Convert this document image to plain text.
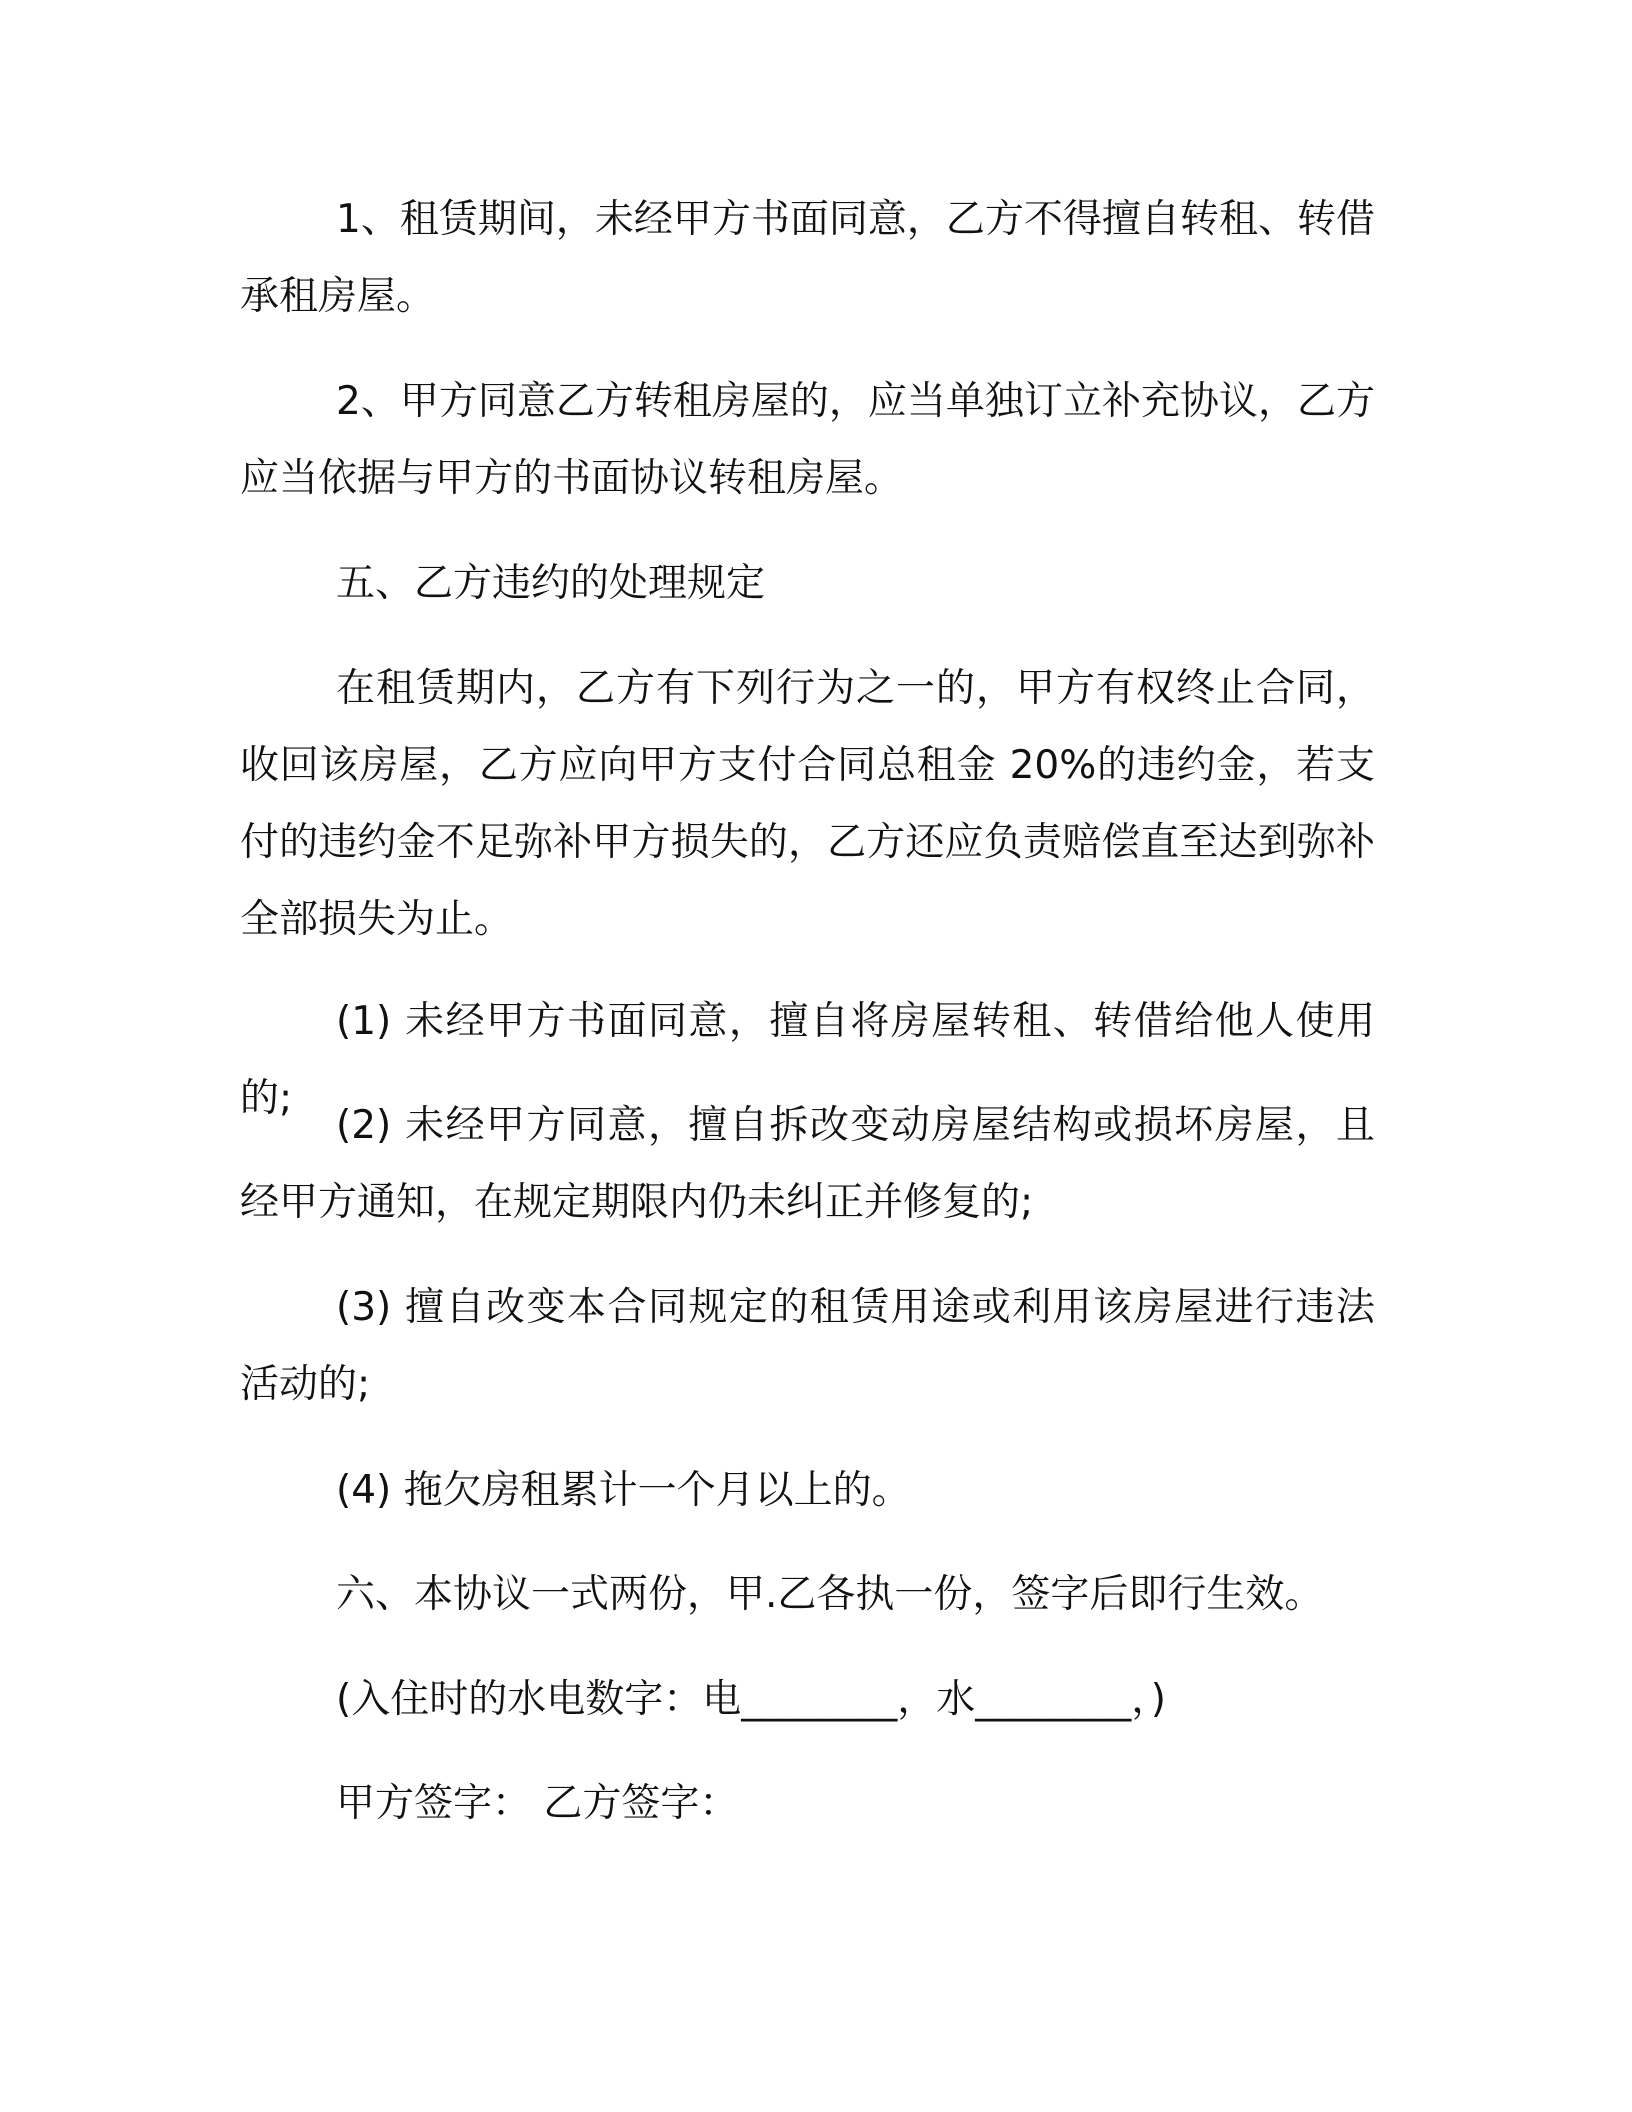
1、租赁期间，未经甲方书面同意，乙方不得擅自转租、转借承租房屋。

2、甲方同意乙方转租房屋的，应当单独订立补充协议，乙方应当依据与甲方的书面协议转租房屋。

五、乙方违约的处理规定

在租赁期内，乙方有下列行为之一的，甲方有权终止合同，收回该房屋，乙方应向甲方支付合同总租金 20%的违约金，若支付的违约金不足弥补甲方损失的，乙方还应负责赔偿直至达到弥补全部损失为止。

(1) 未经甲方书面同意，擅自将房屋转租、转借给他人使用的;

(2) 未经甲方同意，擅自拆改变动房屋结构或损坏房屋，且经甲方通知，在规定期限内仍未纠正并修复的;

(3) 擅自改变本合同规定的租赁用途或利用该房屋进行违法活动的;

(4) 拖欠房租累计一个月以上的。

六、本协议一式两份，甲.乙各执一份，签字后即行生效。

(入住时的水电数字：电________，水________，)

甲方签字： 乙方签字：
